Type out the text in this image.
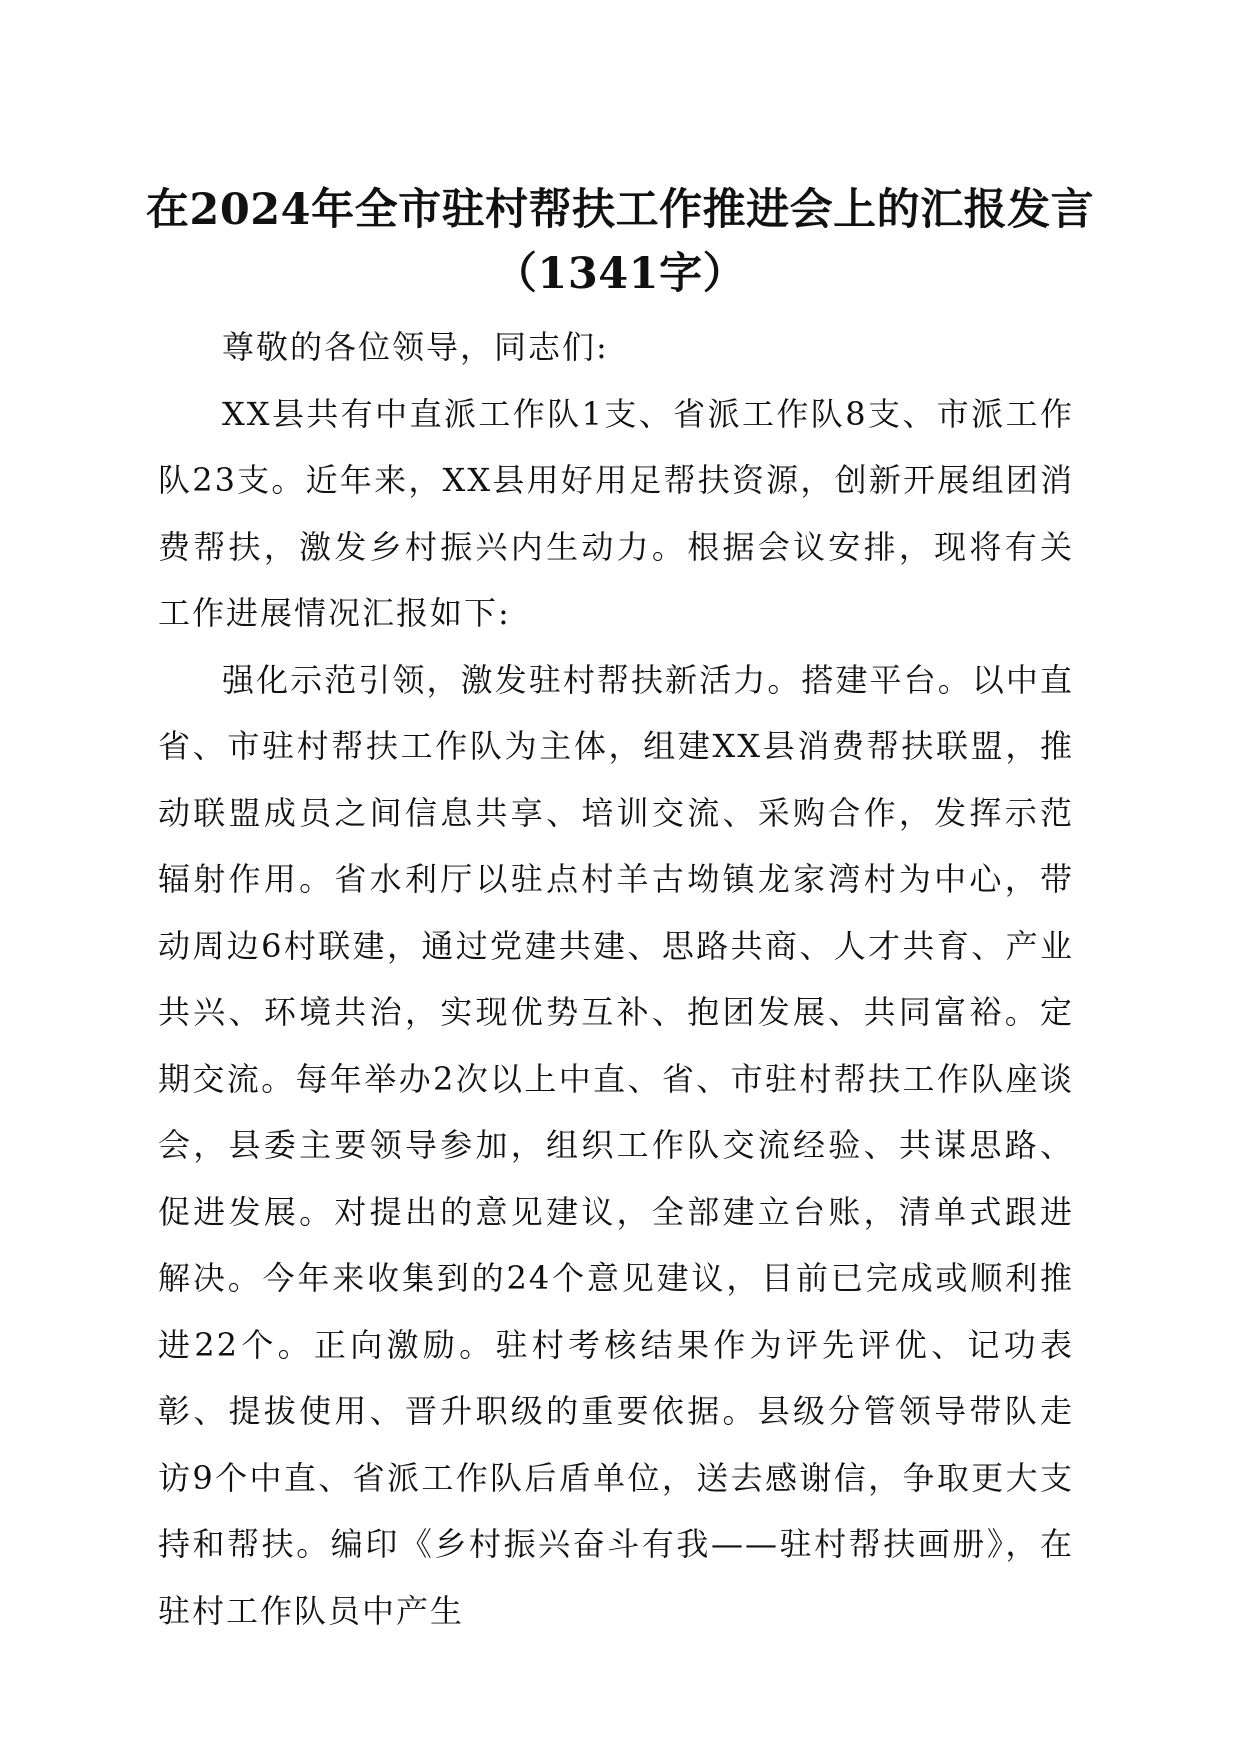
在2024年全市驻村帮扶工作推进会上的汇报发言（1341字）

尊敬的各位领导，同志们:

XX县共有中直派工作队1支、省派工作队8支、市派工作队23支。近年来，XX县用好用足帮扶资源，创新开展组团消费帮扶，激发乡村振兴内生动力。根据会议安排，现将有关工作进展情况汇报如下:

强化示范引领，激发驻村帮扶新活力。搭建平台。以中直省、市驻村帮扶工作队为主体，组建XX县消费帮扶联盟，推动联盟成员之间信息共享、培训交流、采购合作，发挥示范辐射作用。省水利厅以驻点村羊古坳镇龙家湾村为中心，带动周边6村联建，通过党建共建、思路共商、人才共育、产业共兴、环境共治，实现优势互补、抱团发展、共同富裕。定期交流。每年举办2次以上中直、省、市驻村帮扶工作队座谈会，县委主要领导参加，组织工作队交流经验、共谋思路、促进发展。对提出的意见建议，全部建立台账，清单式跟进解决。今年来收集到的24个意见建议，目前已完成或顺利推进22个。正向激励。驻村考核结果作为评先评优、记功表彰、提拔使用、晋升职级的重要依据。县级分管领导带队走访9个中直、省派工作队后盾单位，送去感谢信，争取更大支持和帮扶。编印《乡村振兴奋斗有我——驻村帮扶画册》，在驻村工作队员中产生
